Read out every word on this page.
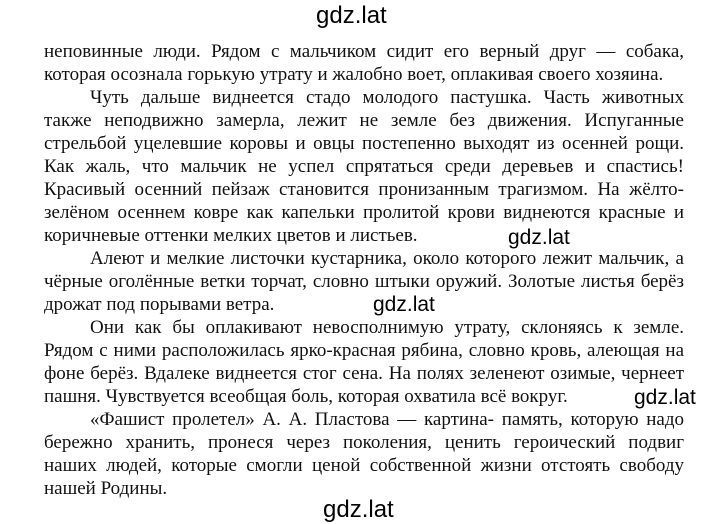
gdz.lat

неповинные люди. Рядом с мальчиком сидит его верный друг — собака, которая осознала горькую утрату и жалобно воет, оплакивая своего хозяина.

Чуть дальше виднеется стадо молодого пастушка. Часть животных также неподвижно замерла, лежит не земле без движения. Испуганные стрельбой уцелевшие коровы и овцы постепенно выходят из осенней рощи. Как жаль, что мальчик не успел спрятаться среди деревьев и спастись! Красивый осенний пейзаж становится пронизанным трагизмом. На жёлто-зелёном осеннем ковре как капельки пролитой крови виднеются красные и коричневые оттенки мелких цветов и листьев.

Алеют и мелкие листочки кустарника, около которого лежит мальчик, а чёрные оголённые ветки торчат, словно штыки оружий. Золотые листья берёз дрожат под порывами ветра.

Они как бы оплакивают невосполнимую утрату, склоняясь к земле. Рядом с ними расположилась ярко-красная рябина, словно кровь, алеющая на фоне берёз. Вдалеке виднеется стог сена. На полях зеленеют озимые, чернеет пашня. Чувствуется всеобщая боль, которая охватила всё вокруг.

«Фашист пролетел» А. А. Пластова — картина- память, которую надо бережно хранить, пронеся через поколения, ценить героический подвиг наших людей, которые смогли ценой собственной жизни отстоять свободу нашей Родины.

gdz.lat
gdz.lat
gdz.lat
gdz.lat
